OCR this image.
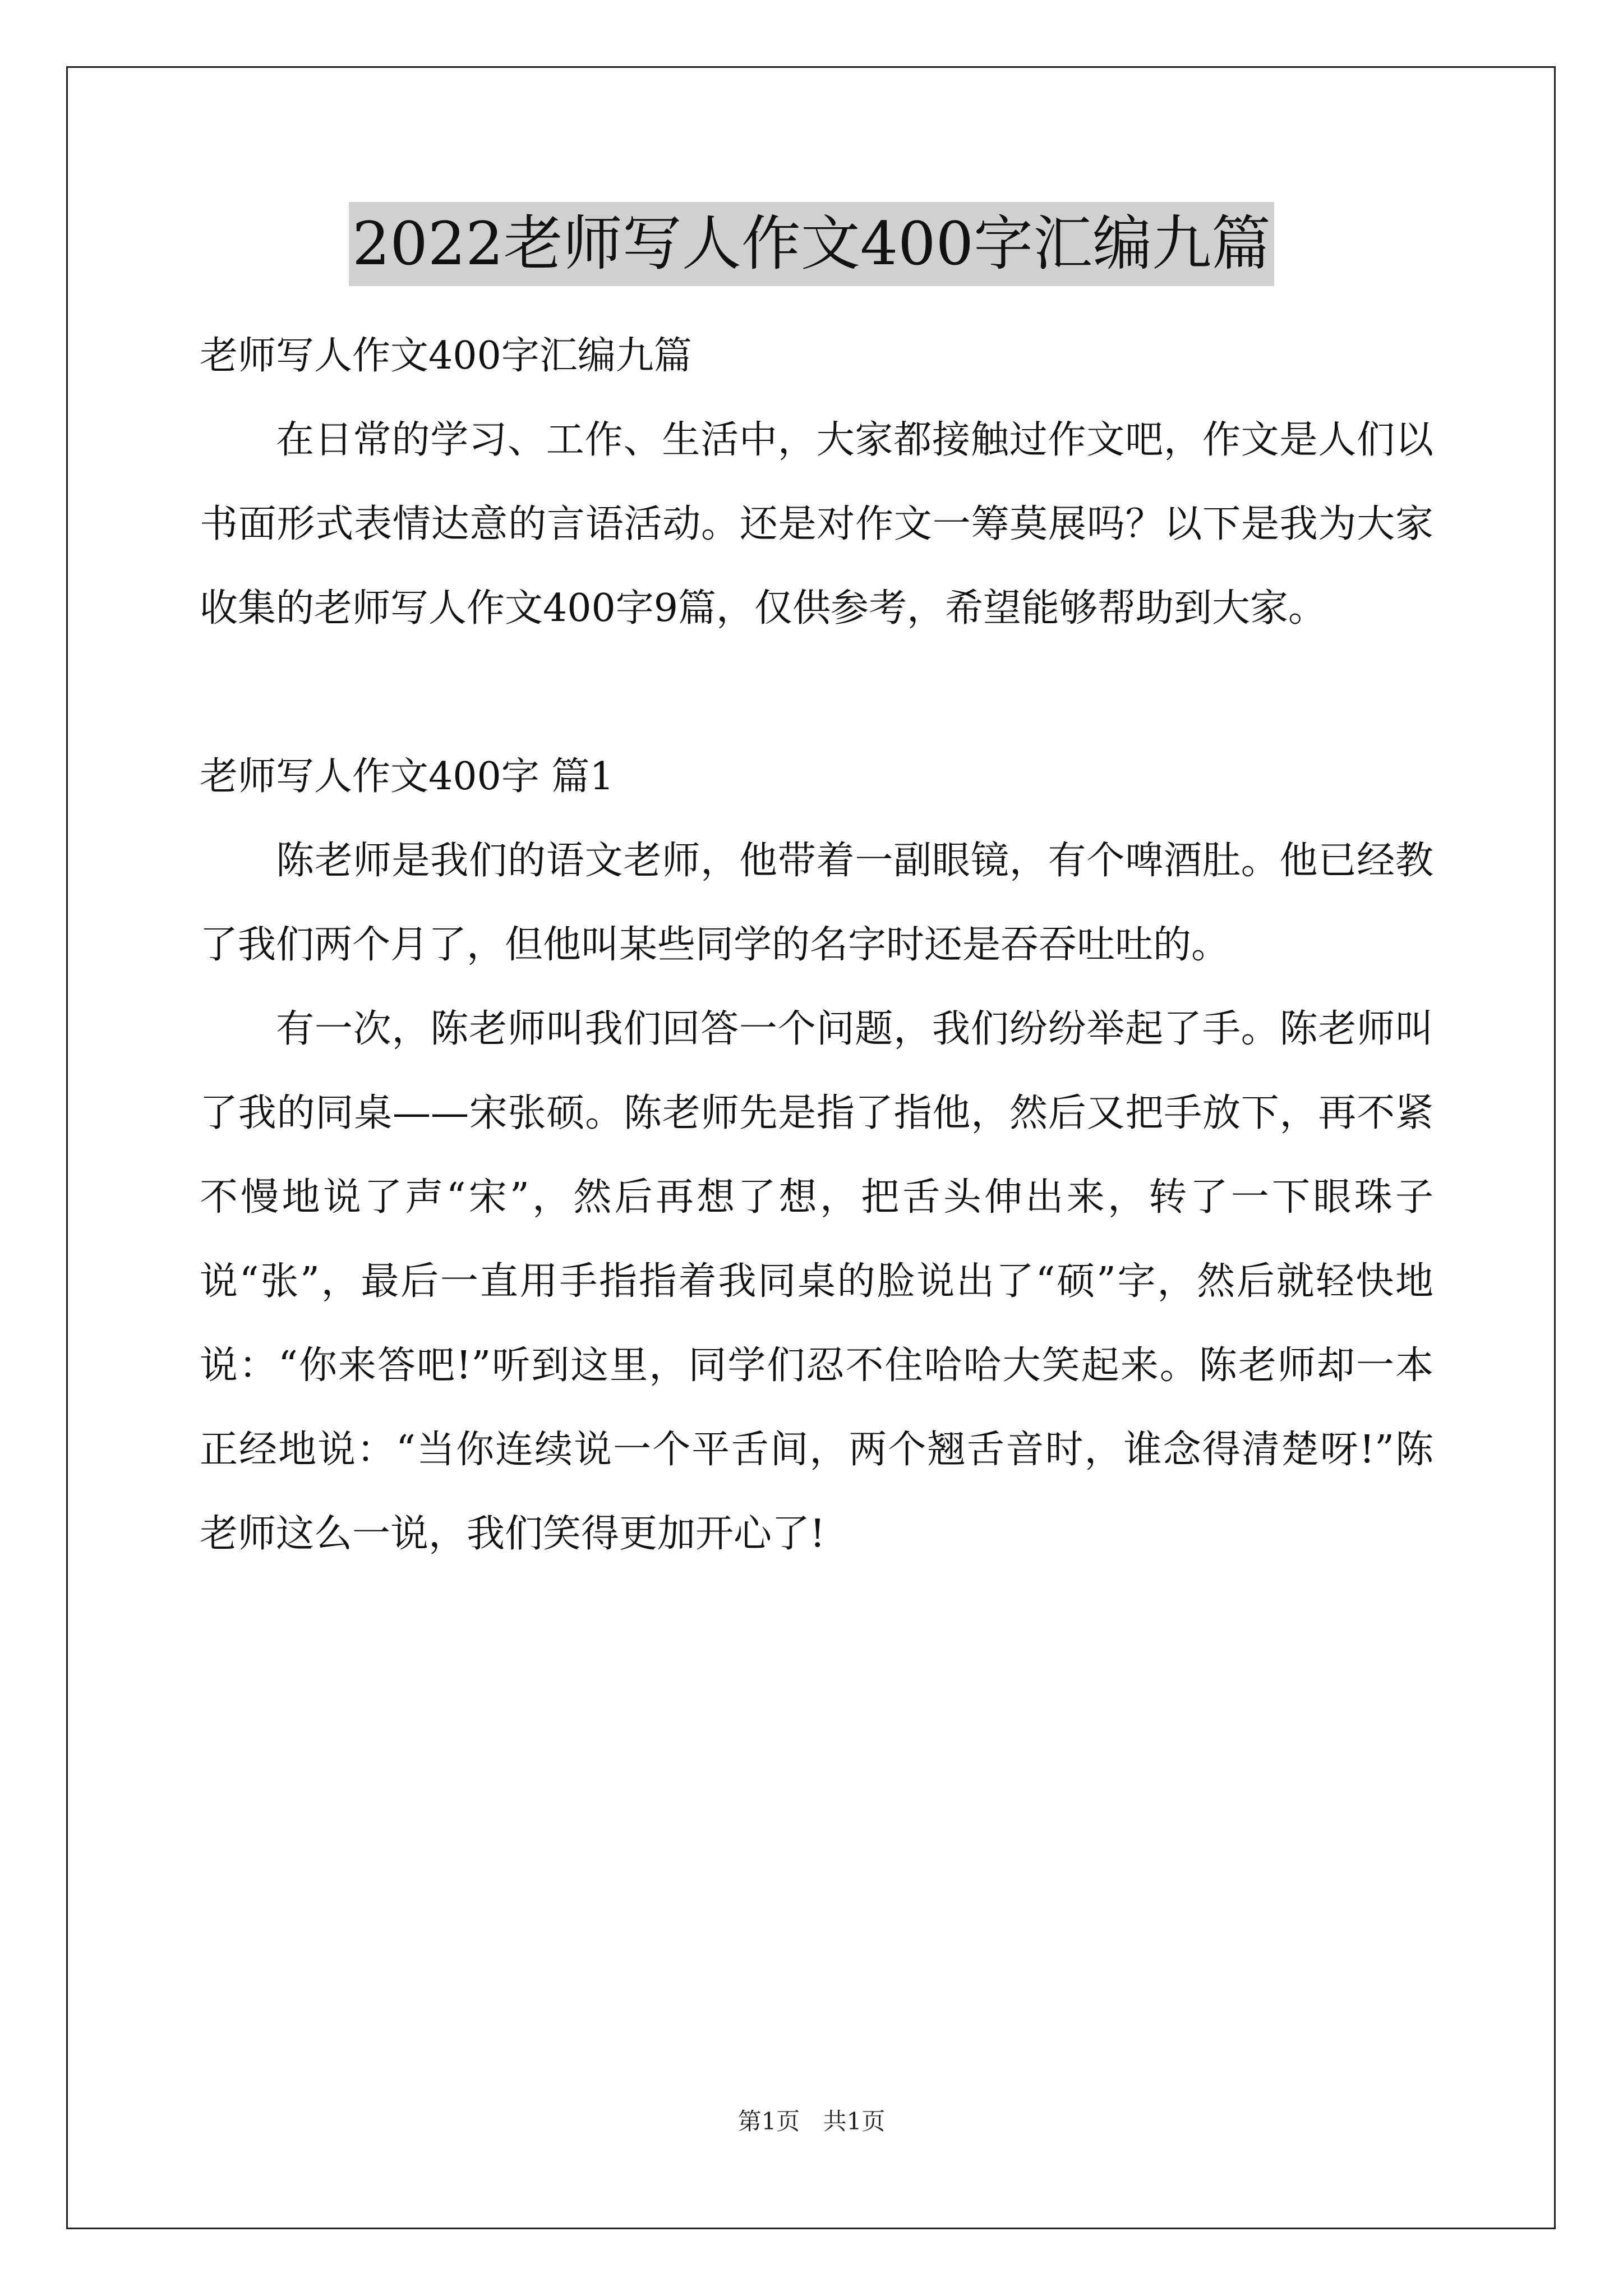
2022老师写人作文400字汇编九篇
老师写人作文400字汇编九篇

在日常的学习、工作、生活中，大家都接触过作文吧，作文是人们以书面形式表情达意的言语活动。还是对作文一筹莫展吗？以下是我为大家收集的老师写人作文400字9篇，仅供参考，希望能够帮助到大家。

老师写人作文400字 篇1

陈老师是我们的语文老师，他带着一副眼镜，有个啤酒肚。他已经教了我们两个月了，但他叫某些同学的名字时还是吞吞吐吐的。

有一次，陈老师叫我们回答一个问题，我们纷纷举起了手。陈老师叫了我的同桌——宋张硕。陈老师先是指了指他，然后又把手放下，再不紧不慢地说了声“宋”，然后再想了想，把舌头伸出来，转了一下眼珠子说“张”，最后一直用手指指着我同桌的脸说出了“硕”字，然后就轻快地说：“你来答吧!”听到这里，同学们忍不住哈哈大笑起来。陈老师却一本正经地说：“当你连续说一个平舌间，两个翘舌音时，谁念得清楚呀!”陈老师这么一说，我们笑得更加开心了!

第1页 共1页
